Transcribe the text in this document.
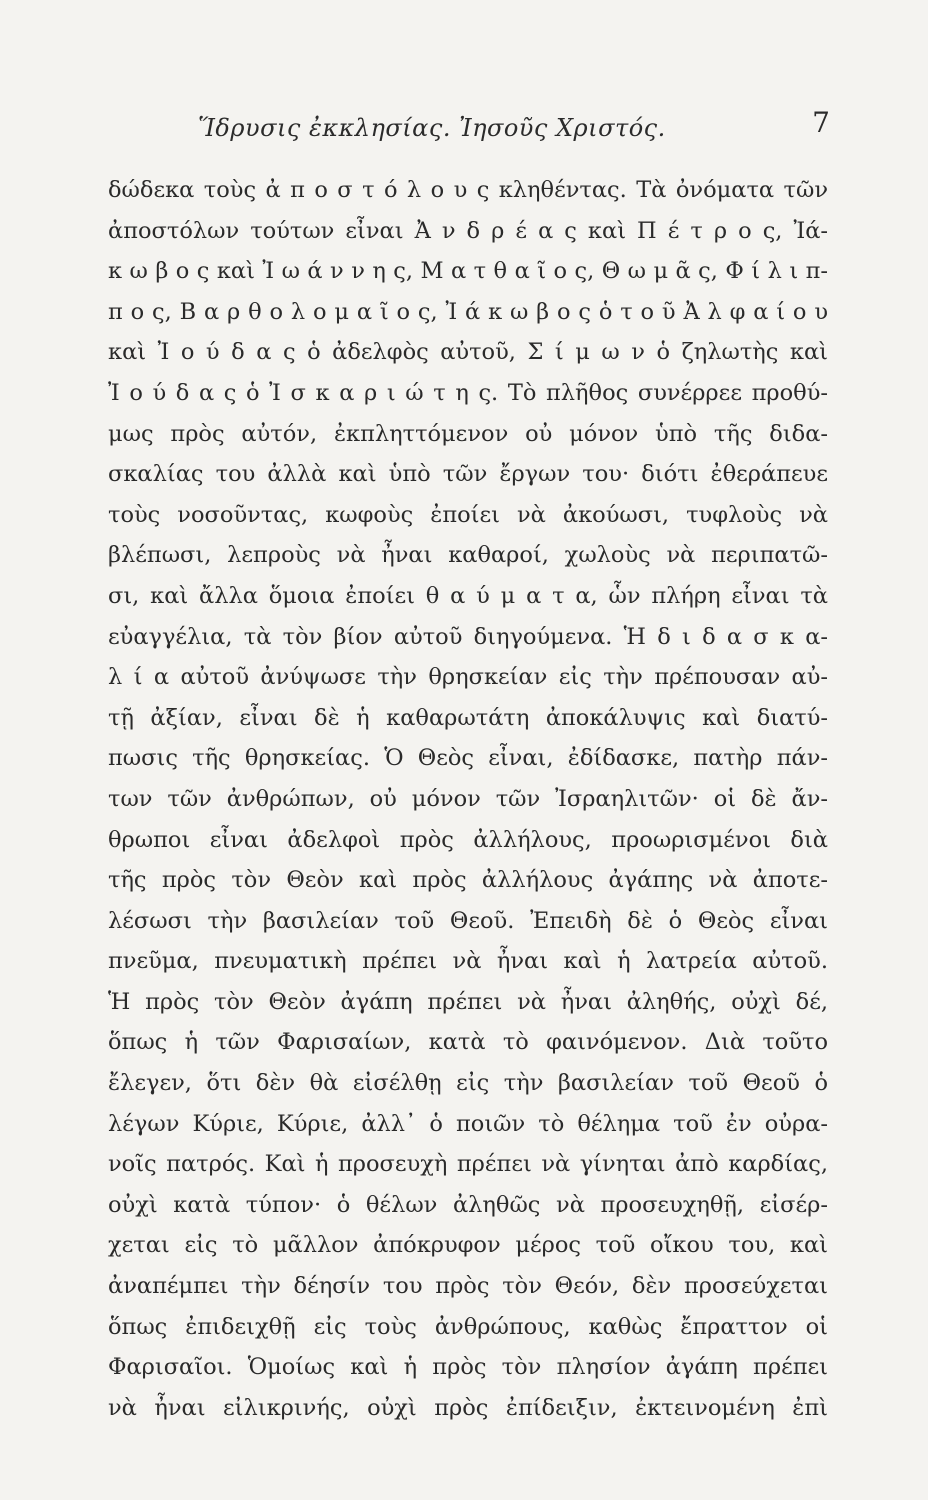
Ἵδρυσις ἐκκλησίας. Ἰησοῦς Χριστός.	7
δώδεκα τοὺς ἀ π ο σ τ ό λ ο υ ς κληθέντας. Τὰ ὀνόματα τῶν
ἀποστόλων τούτων εἶναι Ἀ ν δ ρ έ α ς καὶ Π έ τ ρ ο ς, Ἰά-
κ ω β ο ς καὶ Ἰ ω ά ν ν η ς, Μ α τ θ α ῖ ο ς, Θ ω μ ᾶ ς, Φ ί λ ι π-
π ο ς, Β α ρ θ ο λ ο μ α ῖ ο ς, Ἰ ά κ ω β ο ς ὁ τ ο ῦ Ἀ λ φ α ί ο υ
καὶ Ἰ ο ύ δ α ς ὁ ἀδελφὸς αὐτοῦ, Σ ί μ ω ν ὁ ζηλωτὴς καὶ
Ἰ ο ύ δ α ς ὁ Ἰ σ κ α ρ ι ώ τ η ς. Τὸ πλῆθος συνέρρεε προθύ-
μως πρὸς αὐτόν, ἐκπληττόμενον οὐ μόνον ὑπὸ τῆς διδα-
σκαλίας του ἀλλὰ καὶ ὑπὸ τῶν ἔργων του· διότι ἐθεράπευε
τοὺς νοσοῦντας, κωφοὺς ἐποίει νὰ ἀκούωσι, τυφλοὺς νὰ
βλέπωσι, λεπροὺς νὰ ἦναι καθαροί, χωλοὺς νὰ περιπατῶ-
σι, καὶ ἄλλα ὅμοια ἐποίει θ α ύ μ α τ α, ὧν πλήρη εἶναι τὰ
εὐαγγέλια, τὰ τὸν βίον αὐτοῦ διηγούμενα. Ἡ δ ι δ α σ κ α-
λ ί α αὐτοῦ ἀνύψωσε τὴν θρησκείαν εἰς τὴν πρέπουσαν αὐ-
τῇ ἀξίαν, εἶναι δὲ ἡ καθαρωτάτη ἀποκάλυψις καὶ διατύ-
πωσις τῆς θρησκείας. Ὁ Θεὸς εἶναι, ἐδίδασκε, πατὴρ πάν-
των τῶν ἀνθρώπων, οὐ μόνον τῶν Ἰσραηλιτῶν· οἱ δὲ ἄν-
θρωποι εἶναι ἀδελφοὶ πρὸς ἀλλήλους, προωρισμένοι διὰ
τῆς πρὸς τὸν Θεὸν καὶ πρὸς ἀλλήλους ἀγάπης νὰ ἀποτε-
λέσωσι τὴν βασιλείαν τοῦ Θεοῦ. Ἐπειδὴ δὲ ὁ Θεὸς εἶναι
πνεῦμα, πνευματικὴ πρέπει νὰ ἦναι καὶ ἡ λατρεία αὐτοῦ.
Ἡ πρὸς τὸν Θεὸν ἀγάπη πρέπει νὰ ἦναι ἀληθής, οὐχὶ δέ,
ὅπως ἡ τῶν Φαρισαίων, κατὰ τὸ φαινόμενον. Διὰ τοῦτο
ἔλεγεν, ὅτι δὲν θὰ εἰσέλθῃ εἰς τὴν βασιλείαν τοῦ Θεοῦ ὁ
λέγων Κύριε, Κύριε, ἀλλ᾽ ὁ ποιῶν τὸ θέλημα τοῦ ἐν οὐρα-
νοῖς πατρός. Καὶ ἡ προσευχὴ πρέπει νὰ γίνηται ἀπὸ καρδίας,
οὐχὶ κατὰ τύπον· ὁ θέλων ἀληθῶς νὰ προσευχηθῇ, εἰσέρ-
χεται εἰς τὸ μᾶλλον ἀπόκρυφον μέρος τοῦ οἴκου του, καὶ
ἀναπέμπει τὴν δέησίν του πρὸς τὸν Θεόν, δὲν προσεύχεται
ὅπως ἐπιδειχθῇ εἰς τοὺς ἀνθρώπους, καθὼς ἔπραττον οἱ
Φαρισαῖοι. Ὁμοίως καὶ ἡ πρὸς τὸν πλησίον ἀγάπη πρέπει
νὰ ἦναι εἰλικρινής, οὐχὶ πρὸς ἐπίδειξιν, ἐκτεινομένη ἐπὶ
